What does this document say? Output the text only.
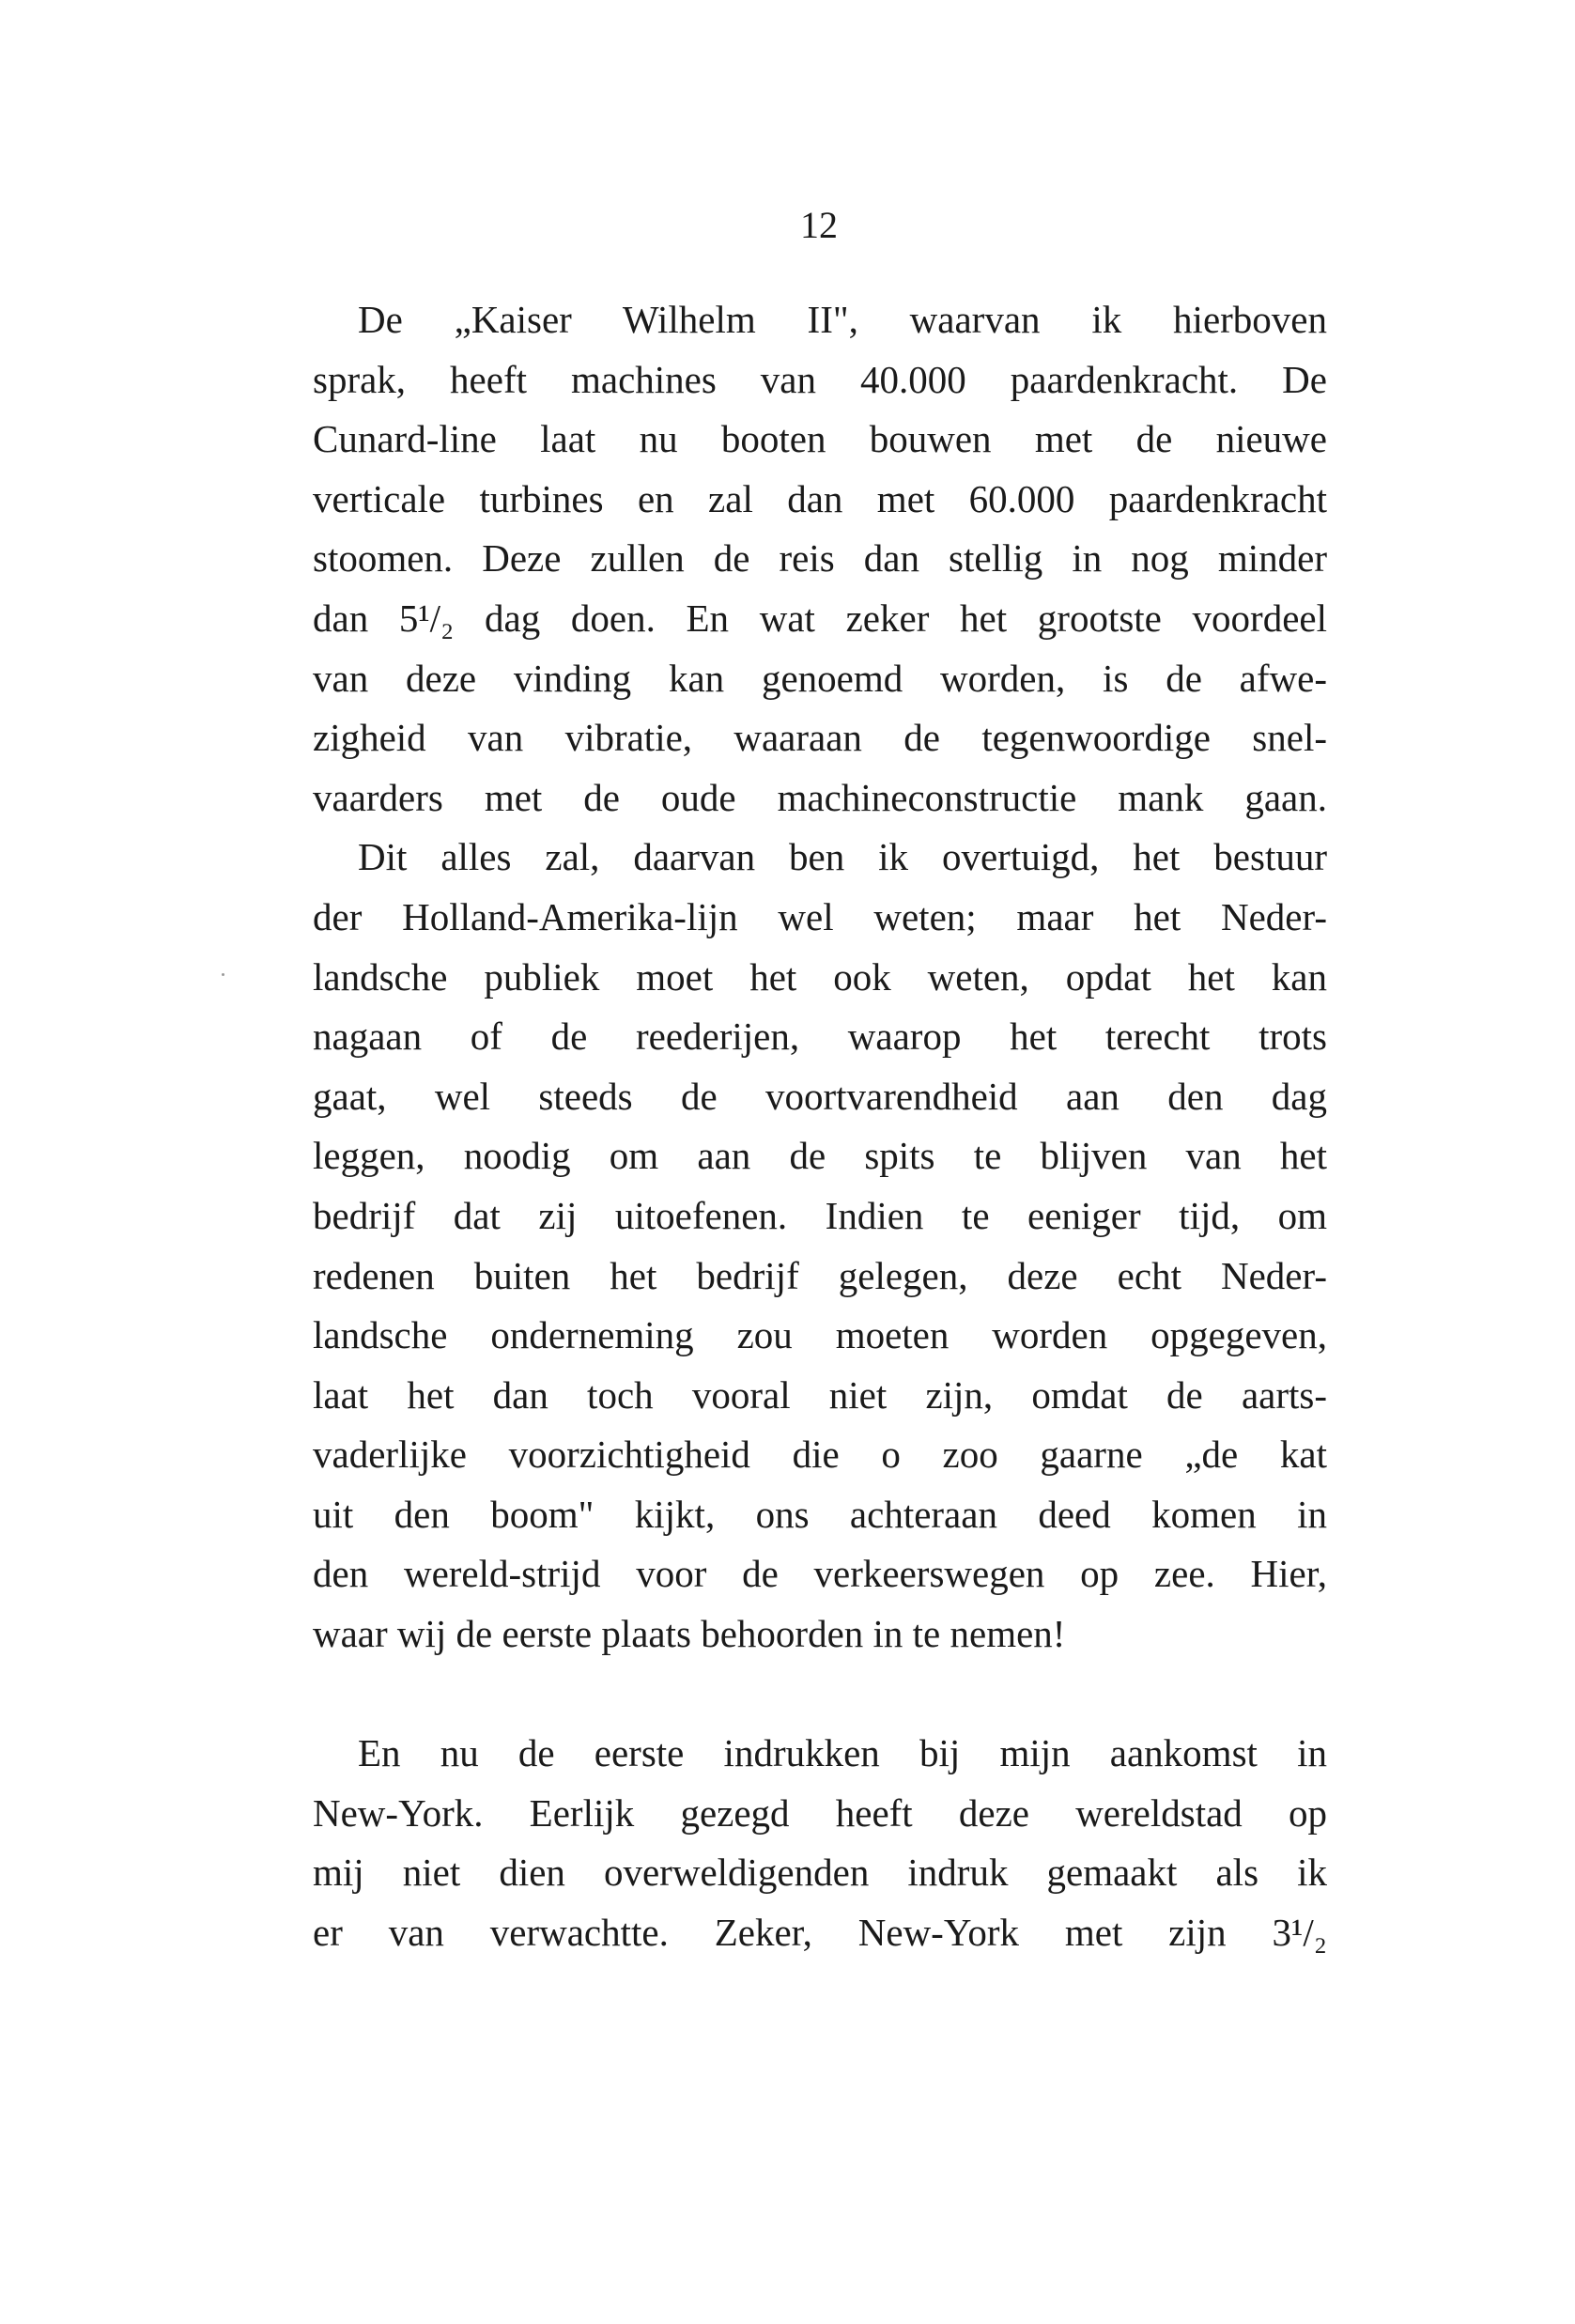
12
De „Kaiser Wilhelm II", waarvan ik hierboven
sprak, heeft machines van 40.000 paardenkracht. De
Cunard-line laat nu booten bouwen met de nieuwe
verticale turbines en zal dan met 60.000 paardenkracht
stoomen. Deze zullen de reis dan stellig in nog minder
dan 5¹/₂ dag doen. En wat zeker het grootste voordeel
van deze vinding kan genoemd worden, is de afwe-
zigheid van vibratie, waaraan de tegenwoordige snel-
vaarders met de oude machineconstructie mank gaan.
Dit alles zal, daarvan ben ik overtuigd, het bestuur
der Holland-Amerika-lijn wel weten; maar het Neder-
landsche publiek moet het ook weten, opdat het kan
nagaan of de reederijen, waarop het terecht trots
gaat, wel steeds de voortvarendheid aan den dag
leggen, noodig om aan de spits te blijven van het
bedrijf dat zij uitoefenen. Indien te eeniger tijd, om
redenen buiten het bedrijf gelegen, deze echt Neder-
landsche onderneming zou moeten worden opgegeven,
laat het dan toch vooral niet zijn, omdat de aarts-
vaderlijke voorzichtigheid die o zoo gaarne „de kat
uit den boom" kijkt, ons achteraan deed komen in
den wereld-strijd voor de verkeerswegen op zee. Hier,
waar wij de eerste plaats behoorden in te nemen!
En nu de eerste indrukken bij mijn aankomst in
New-York. Eerlijk gezegd heeft deze wereldstad op
mij niet dien overweldigenden indruk gemaakt als ik
er van verwachtte. Zeker, New-York met zijn 3¹/₂
